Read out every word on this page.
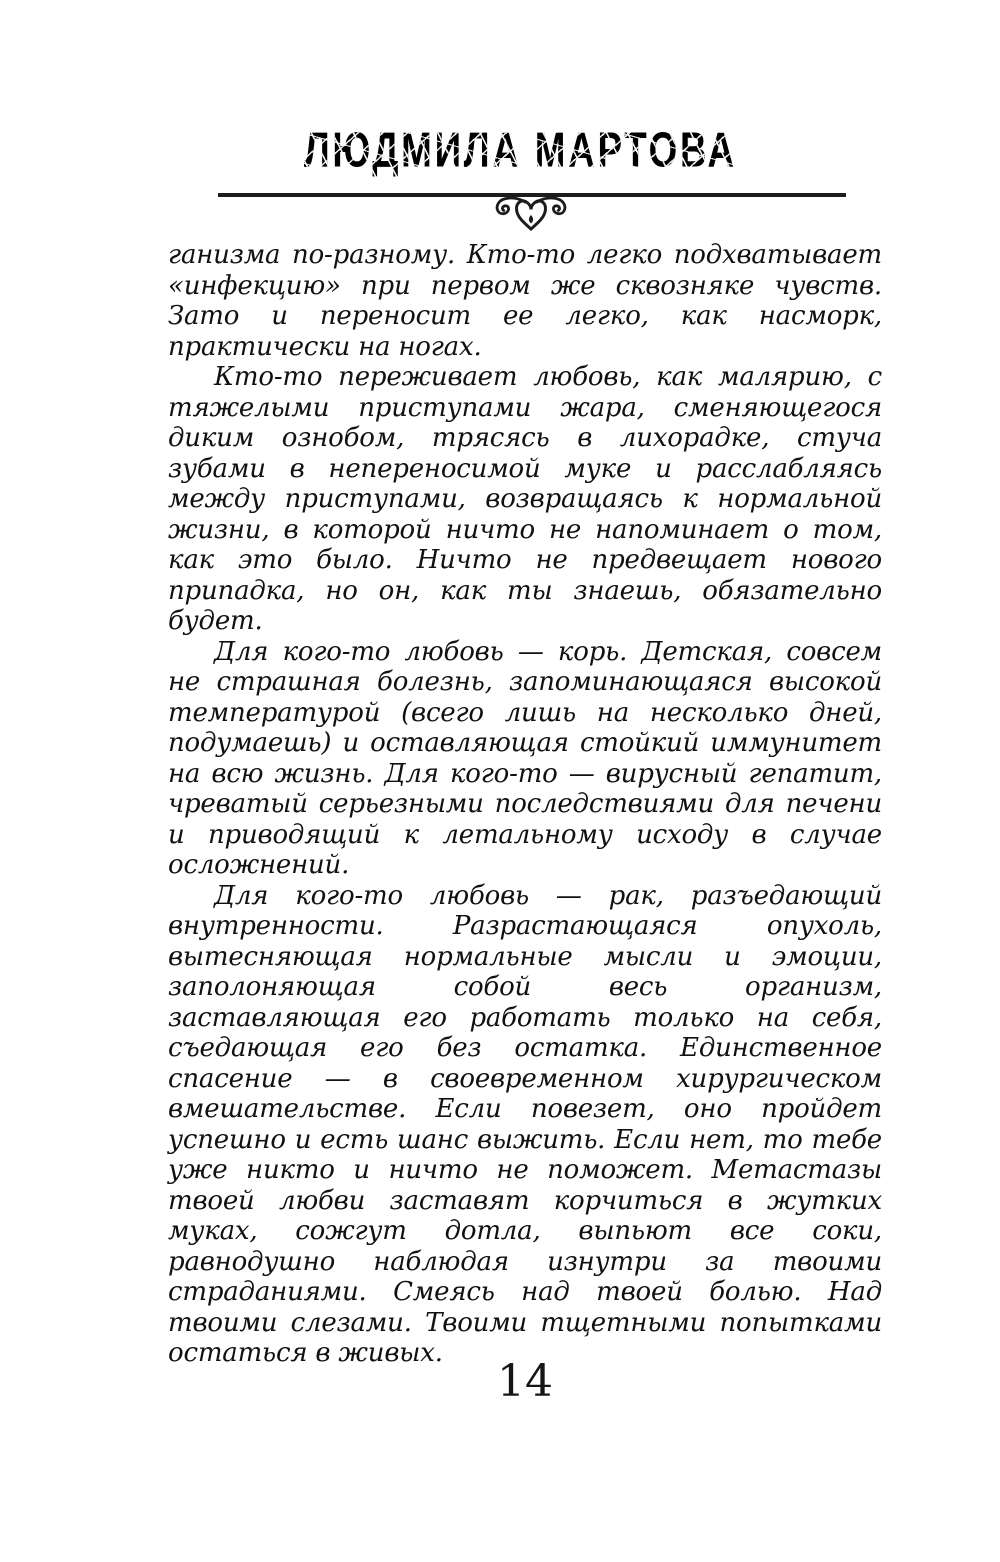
ЛЮДМИЛА МАРТОВА

ганизма по-разному. Кто-то легко подхватывает «инфекцию» при первом же сквозняке чувств. Зато и переносит ее легко, как насморк, практически на ногах.

Кто-то переживает любовь, как малярию, с тяжелыми приступами жара, сменяющегося диким ознобом, трясясь в лихорадке, стуча зубами в непереносимой муке и расслабляясь между приступами, возвращаясь к нормальной жизни, в которой ничто не напоминает о том, как это было. Ничто не предвещает нового припадка, но он, как ты знаешь, обязательно будет.

Для кого-то любовь — корь. Детская, совсем не страшная болезнь, запоминающаяся высокой температурой (всего лишь на несколько дней, подумаешь) и оставляющая стойкий иммунитет на всю жизнь. Для кого-то — вирусный гепатит, чреватый серьезными последствиями для печени и приводящий к летальному исходу в случае осложнений.

Для кого-то любовь — рак, разъедающий внутренности. Разрастающаяся опухоль, вытесняющая нормальные мысли и эмоции, заполоняющая собой весь организм, заставляющая его работать только на себя, съедающая его без остатка. Единственное спасение — в своевременном хирургическом вмешательстве. Если повезет, оно пройдет успешно и есть шанс выжить. Если нет, то тебе уже никто и ничто не поможет. Метастазы твоей любви заставят корчиться в жутких муках, сожгут дотла, выпьют все соки, равнодушно наблюдая изнутри за твоими страданиями. Смеясь над твоей болью. Над твоими слезами. Твоими тщетными попытками остаться в живых.

14
